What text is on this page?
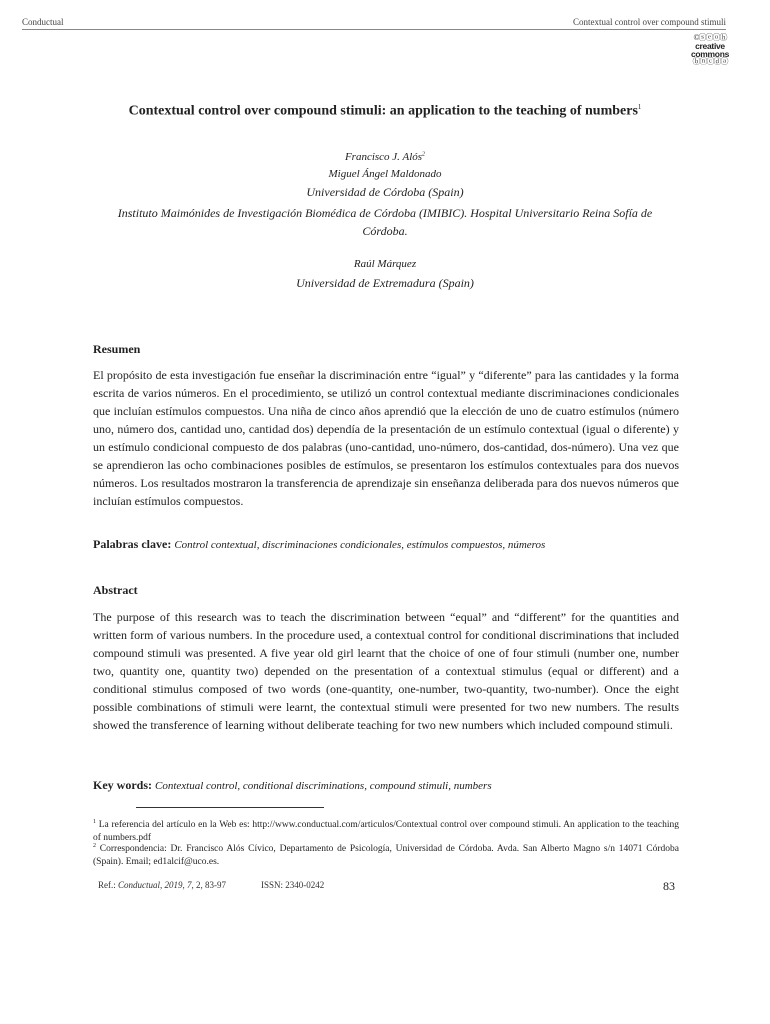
Conductual	Contextual control over compound stimuli
©ⓢⓔⓞⓗ
creative
commons
ⓑⓝⓒⓓⓐ
Contextual control over compound stimuli: an application to the teaching of numbers$^1$
Francisco J. Alós$^2$
Miguel Ángel Maldonado
Universidad de Córdoba (Spain)
Instituto Maimónides de Investigación Biomédica de Córdoba (IMIBIC). Hospital Universitario Reina Sofía de
Córdoba.
Raúl Márquez
Universidad de Extremadura (Spain)
Resumen

El propósito de esta investigación fue enseñar la discriminación entre “igual” y “diferente” para las cantidades y la forma escrita de varios números. En el procedimiento, se utilizó un control contextual mediante discriminaciones condicionales que incluían estímulos compuestos. Una niña de cinco años aprendió que la elección de uno de cuatro estímulos (número uno, número dos, cantidad uno, cantidad dos) dependía de la presentación de un estímulo contextual (igual o diferente) y un estímulo condicional compuesto de dos palabras (uno-cantidad, uno-número, dos-cantidad, dos-número). Una vez que se aprendieron las ocho combinaciones posibles de estímulos, se presentaron los estímulos contextuales para dos nuevos números. Los resultados mostraron la transferencia de aprendizaje sin enseñanza deliberada para dos nuevos números que incluían estímulos compuestos.

Palabras clave: Control contextual, discriminaciones condicionales, estímulos compuestos, números
Abstract

The purpose of this research was to teach the discrimination between “equal” and “different” for the quantities and written form of various numbers. In the procedure used, a contextual control for conditional discriminations that included compound stimuli was presented. A five year old girl learnt that the choice of one of four stimuli (number one, number two, quantity one, quantity two) depended on the presentation of a contextual stimulus (equal or different) and a conditional stimulus composed of two words (one-quantity, one-number, two-quantity, two-number). Once the eight possible combinations of stimuli were learnt, the contextual stimuli were presented for two new numbers. The results showed the transference of learning without deliberate teaching for two new numbers which included compound stimuli.

Key words: Contextual control, conditional discriminations, compound stimuli, numbers

$^1$ La referencia del artículo en la Web es: http://www.conductual.com/articulos/Contextual control over compound stimuli. An application to the teaching of numbers.pdf

$^2$ Correspondencia: Dr. Francisco Alós Cívico, Departamento de Psicología, Universidad de Córdoba. Avda. San Alberto Magno s/n 14071 Córdoba (Spain). Email; ed1alcif@uco.es.

Ref.: Conductual, 2019, 7, 2, 83-97	ISSN: 2340-0242	83
